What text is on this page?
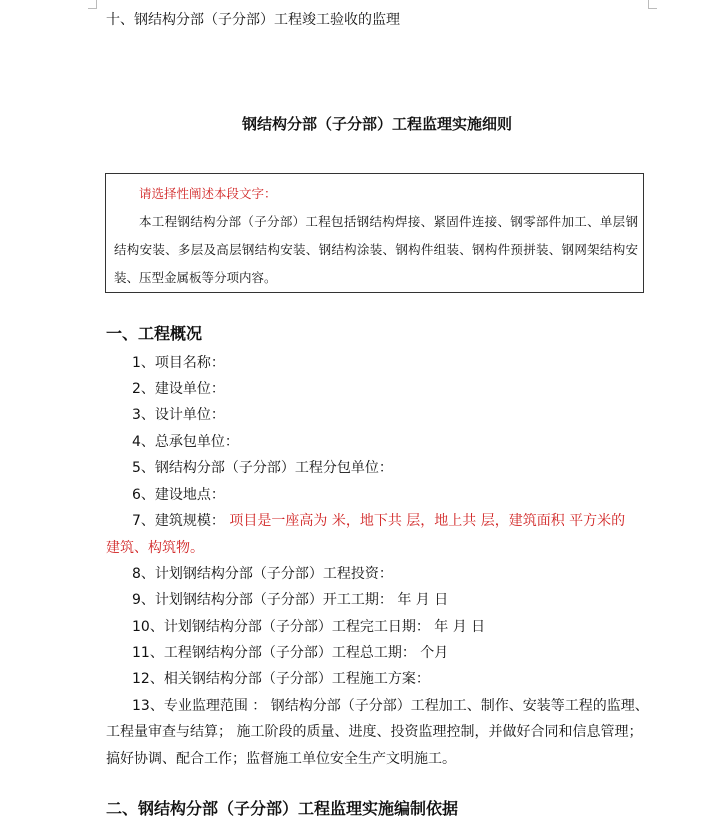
十、钢结构分部（子分部）工程竣工验收的监理
钢结构分部（子分部）工程监理实施细则
请选择性阐述本段文字：

本工程钢结构分部（子分部）工程包括钢结构焊接、紧固件连接、钢零部件加工、单层钢结构安装、多层及高层钢结构安装、钢结构涂装、钢构件组装、钢构件预拼装、钢网架结构安装、压型金属板等分项内容。

一、工程概况
1、项目名称：
2、建设单位：
3、设计单位：
4、总承包单位：
5、钢结构分部（子分部）工程分包单位：
6、建设地点：
7、建筑规模： 项目是一座高为 米，地下共 层，地上共 层，建筑面积 平方米的
建筑、构筑物。
8、计划钢结构分部（子分部）工程投资：
9、计划钢结构分部（子分部）开工工期： 年 月 日
10、计划钢结构分部（子分部）工程完工日期： 年 月 日
11、工程钢结构分部（子分部）工程总工期： 个月
12、相关钢结构分部（子分部）工程施工方案：
13、专业监理范围 ： 钢结构分部（子分部）工程加工、制作、安装等工程的监理、
工程量审查与结算； 施工阶段的质量、进度、投资监理控制，并做好合同和信息管理；
搞好协调、配合工作；监督施工单位安全生产文明施工。
二、钢结构分部（子分部）工程监理实施编制依据
